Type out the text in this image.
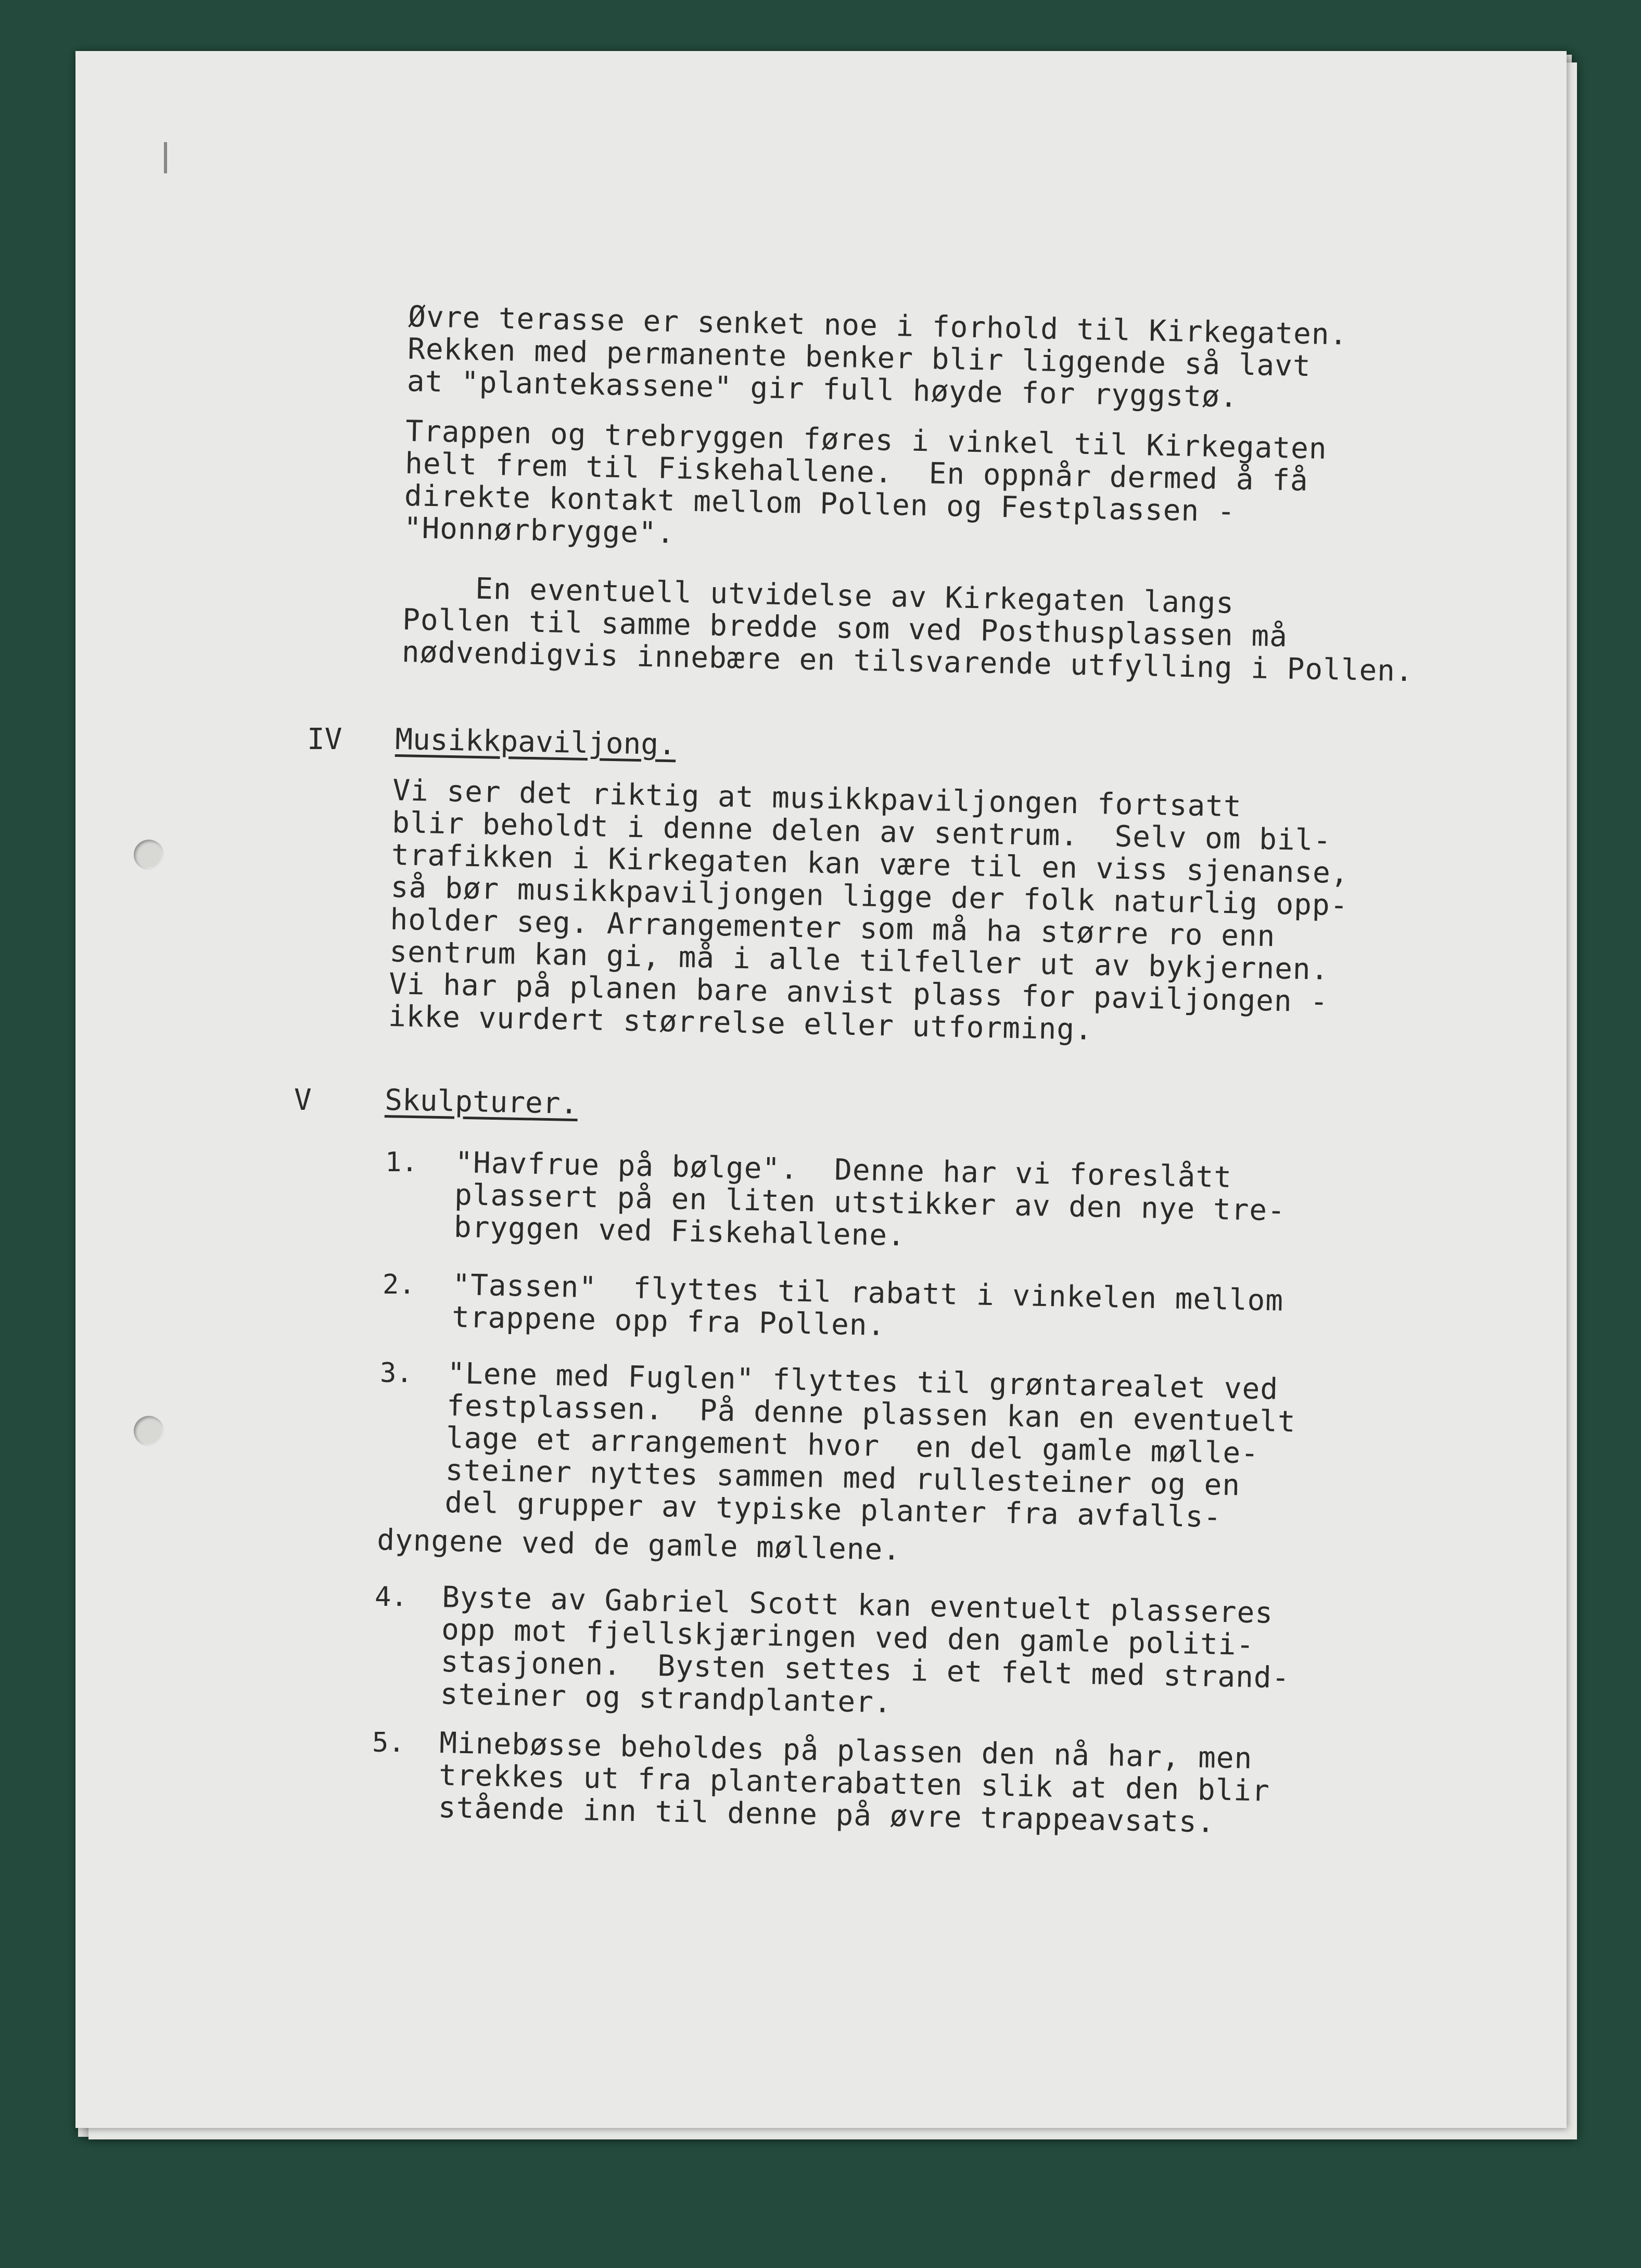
Øvre terasse er senket noe i forhold til Kirkegaten.
Rekken med permanente benker blir liggende så lavt
at "plantekassene" gir full høyde for ryggstø.
Trappen og trebryggen føres i vinkel til Kirkegaten
helt frem til Fiskehallene.  En oppnår dermed å få
direkte kontakt mellom Pollen og Festplassen -
"Honnørbrygge".
En eventuell utvidelse av Kirkegaten langs
Pollen til samme bredde som ved Posthusplassen må
nødvendigvis innebære en tilsvarende utfylling i Pollen.
IV Musikkpaviljong.
Vi ser det riktig at musikkpaviljongen fortsatt
blir beholdt i denne delen av sentrum.  Selv om bil-
trafikken i Kirkegaten kan være til en viss sjenanse,
så bør musikkpaviljongen ligge der folk naturlig opp-
holder seg. Arrangementer som må ha større ro enn
sentrum kan gi, må i alle tilfeller ut av bykjernen.
Vi har på planen bare anvist plass for paviljongen -
ikke vurdert størrelse eller utforming.
V	Skulpturer.
1. "Havfrue på bølge".  Denne har vi foreslått
plassert på en liten utstikker av den nye tre-
bryggen ved Fiskehallene.
2. "Tassen"  flyttes til rabatt i vinkelen mellom
trappene opp fra Pollen.
3. "Lene med Fuglen" flyttes til grøntarealet ved
festplassen.  På denne plassen kan en eventuelt
lage et arrangement hvor  en del gamle mølle-
steiner nyttes sammen med rullesteiner og en
del grupper av typiske planter fra avfalls-
dyngene ved de gamle møllene.
4. Byste av Gabriel Scott kan eventuelt plasseres
opp mot fjellskjæringen ved den gamle politi-
stasjonen.  Bysten settes i et felt med strand-
steiner og strandplanter.
5. Minebøsse beholdes på plassen den nå har, men
trekkes ut fra planterabatten slik at den blir
stående inn til denne på øvre trappeavsats.
